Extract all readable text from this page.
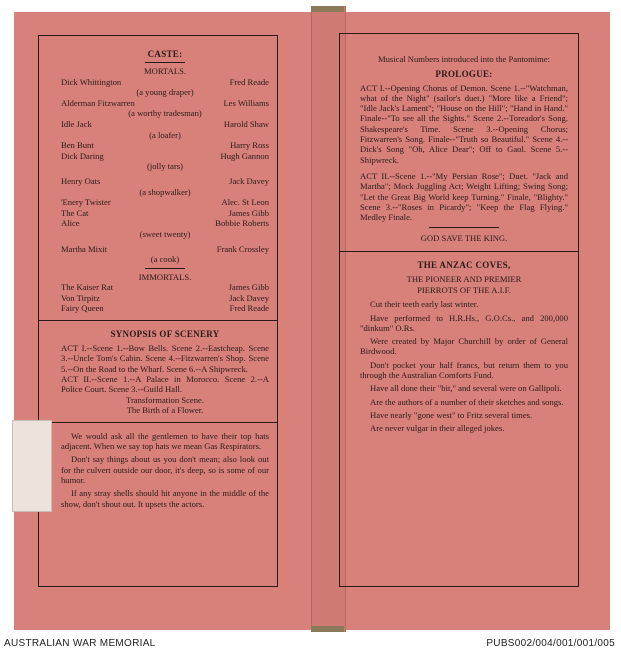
CASTE:
MORTALS.
Dick Whittington	Fred Reade
(a young draper)
Alderman Fitzwarren	Les Williams
(a worthy tradesman)
Idle Jack	Harold Shaw
(a loafer)
Ben Bunt	Harry Ross
Dick Daring	Hugh Gannon
(jolly tars)
Henry Oats	Jack Davey
(a shopwalker)
'Enery Twister	Alec. St Leon
The Cat	James Gibb
Alice	Bobbie Roberts
(sweet twenty)
Martha Mixit	Frank Crossley
(a cook)
IMMORTALS.
The Kaiser Rat	James Gibb
Von Tirpitz	Jack Davey
Fairy Queen	Fred Reade
SYNOPSIS OF SCENERY
ACT I.--Scene 1.--Bow Bells. Scene 2.--Eastcheap. Scene 3.--Uncle Tom's Cabin. Scene 4.--Fitzwarren's Shop. Scene 5.--On the Road to the Wharf. Scene 6.--A Shipwreck.
ACT II.--Scene 1.--A Palace in Morocco. Scene 2.--A Police Court. Scene 3.--Guild Hall.
Transformation Scene.
The Birth of a Flower.

We would ask all the gentlemen to have their top hats adjacent. When we say top hats we mean Gas Respirators.

Don't say things about us you don't mean; also look out for the culvert outside our door, it's deep, so is some of our humor.

If any stray shells should hit anyone in the middle of the show, don't shout out. It upsets the actors.

Musical Numbers introduced into the Pantomime:
PROLOGUE:
ACT I.--Opening Chorus of Demon. Scene 1.--"Watchman, what of the Night" (sailor's duet.) "More like a Friend"; "Idle Jack's Lament"; "House on the Hill"; "Hand in Hand." Finale--"To see all the Sights." Scene 2.--Toreador's Song. Shakespeare's Time. Scene 3.--Opening Chorus; Fitzwarren's Song. Finale--"Truth so Beautiful." Scene 4.--Dick's Song "Oh, Alice Dear"; Off to Gaol. Scene 5.--Shipwreck.
ACT II.--Scene 1.--"My Persian Rose"; Duet. "Jack and Martha"; Mock Juggling Act; Weight Lifting; Swing Song; "Let the Great Big World keep Turning." Finale, "Blighty." Scene 3.--"Roses in Picardy"; "Keep the Flag Flying." Medley Finale.
GOD SAVE THE KING.
THE ANZAC COVES,
THE PIONEER AND PREMIER
PIERROTS OF THE A.I.F.

Cut their teeth early last winter.

Have performed to H.R.Hs., G.O.Cs., and 200,000 "dinkum" O.Rs.

Were created by Major Churchill by order of General Birdwood.

Don't pocket your half francs, but return them to you through the Australian Comforts Fund.

Have all done their "bit," and several were on Gallipoli.

Are the authors of a number of their sketches and songs.

Have nearly "gone west" to Fritz several times.

Are never vulgar in their alleged jokes.

AUSTRALIAN WAR MEMORIAL	PUBS002/004/001/001/005
